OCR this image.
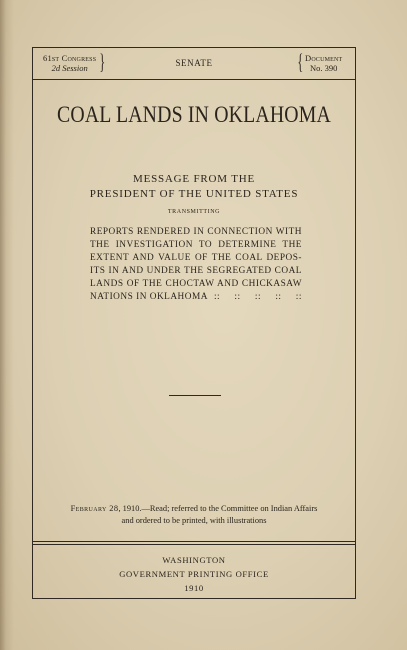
61st Congress
2d Session }	SENATE	{ Document
No. 390
COAL LANDS IN OKLAHOMA
MESSAGE FROM THE
PRESIDENT OF THE UNITED STATES
TRANSMITTING
REPORTS RENDERED IN CONNECTION WITH
THE INVESTIGATION TO DETERMINE THE
EXTENT AND VALUE OF THE COAL DEPOS-
ITS IN AND UNDER THE SEGREGATED COAL
LANDS OF THE CHOCTAW AND CHICKASAW
NATIONS IN OKLAHOMA :: :: :: :: ::
February 28, 1910.—Read; referred to the Committee on Indian Affairs
and ordered to be printed, with illustrations
WASHINGTON
GOVERNMENT PRINTING OFFICE
1910
